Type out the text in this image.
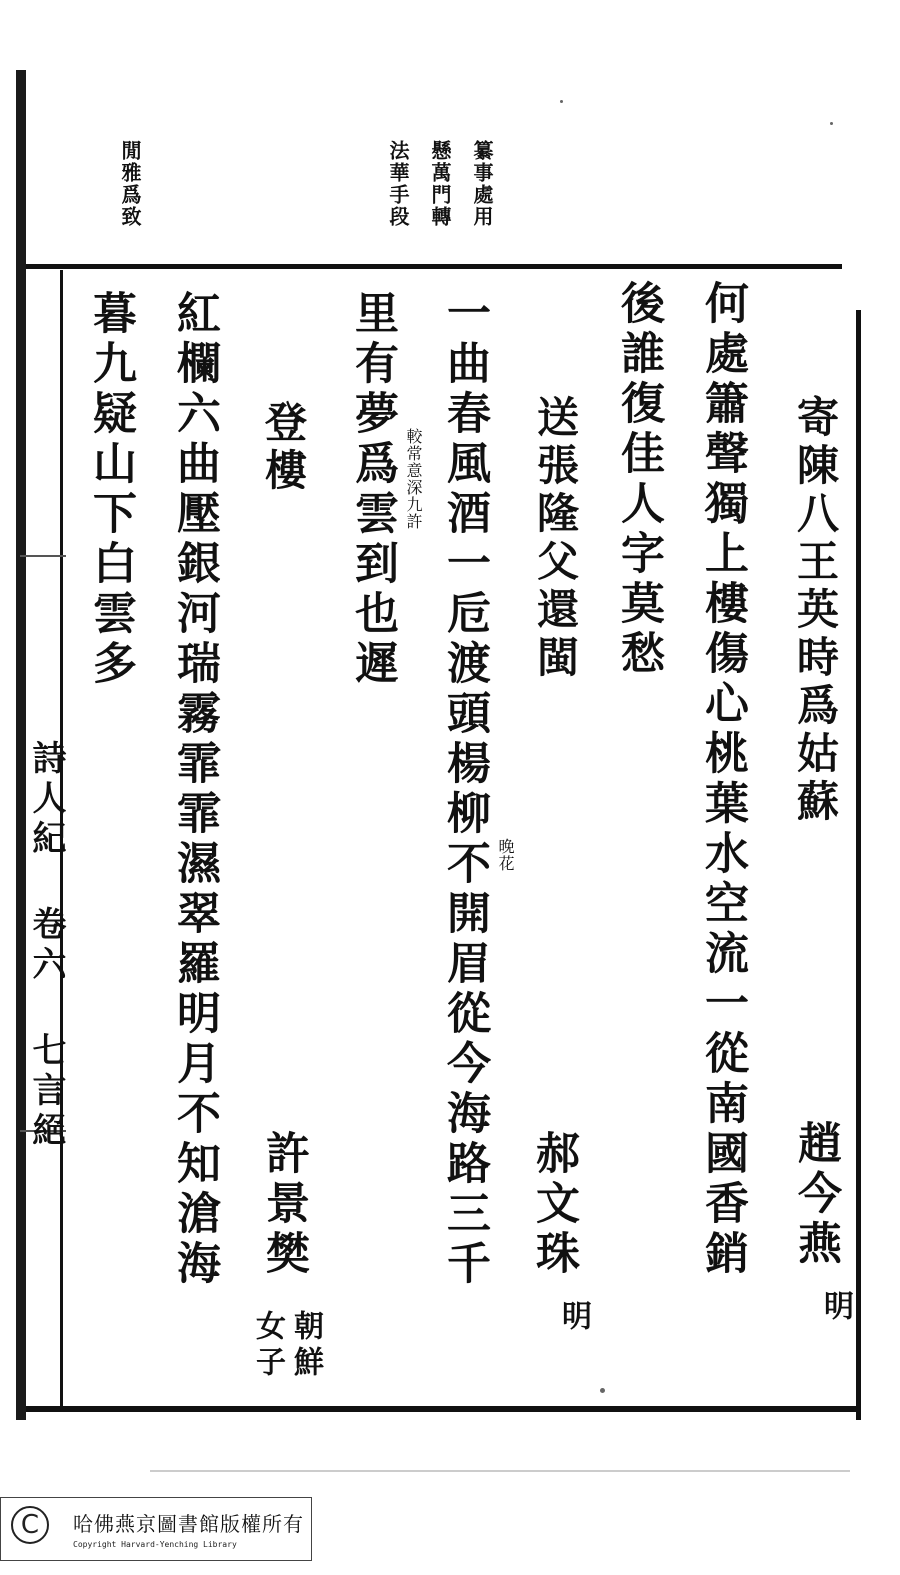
詩人紀 卷六 七言絕
纂事處用
懸萬門轉
法華手段
閒雅爲致
寄陳八王英時爲姑蘇
趙今燕
明
何處簫聲獨上樓傷心桃葉水空流一從南國香銷
後誰復佳人字莫愁
送張隆父還閩
郝文珠
明
一曲春風酒一卮渡頭楊柳不開眉從今海路三千
里有夢爲雲到也遲 較常意深九許
晚花
登樓
許景樊
朝鮮
女子
紅欄六曲壓銀河瑞霧霏霏濕翠羅明月不知滄海
暮九疑山下白雲多
C	哈佛燕京圖書館版權所有
Copyright Harvard-Yenching Library
